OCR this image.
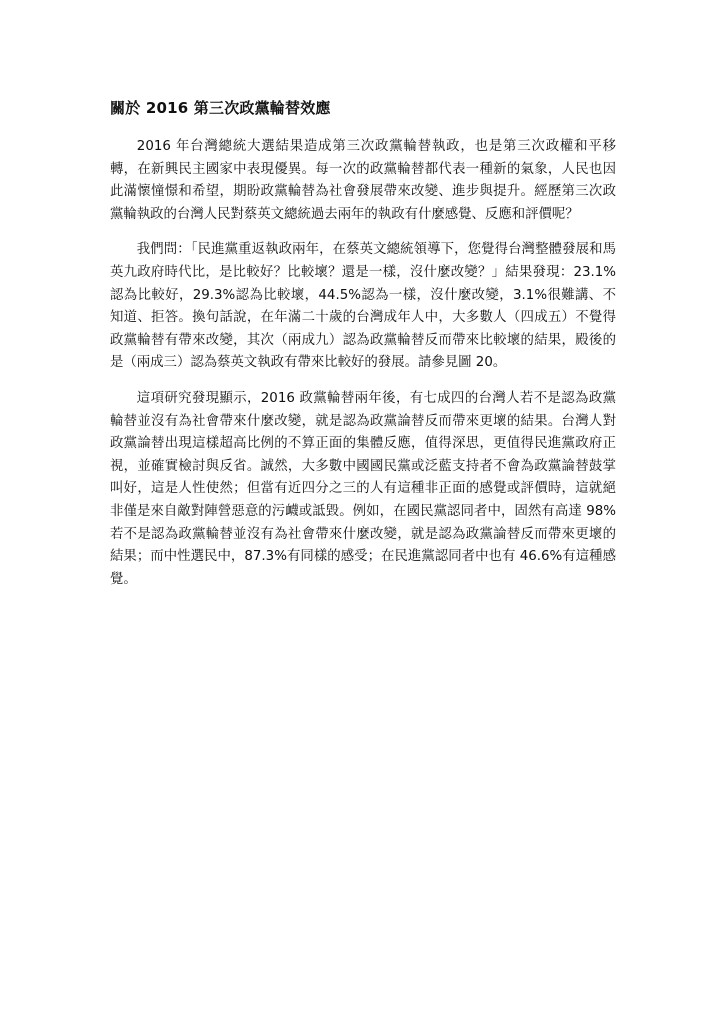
關於 2016 第三次政黨輪替效應

2016 年台灣總統大選結果造成第三次政黨輪替執政，也是第三次政權和平移轉，在新興民主國家中表現優異。每一次的政黨輪替都代表一種新的氣象，人民也因此滿懷憧憬和希望，期盼政黨輪替為社會發展帶來改變、進步與提升。經歷第三次政黨輪執政的台灣人民對蔡英文總統過去兩年的執政有什麼感覺、反應和評價呢？

我們問：「民進黨重返執政兩年，在蔡英文總統領導下，您覺得台灣整體發展和馬英九政府時代比，是比較好？比較壞？還是一樣，沒什麼改變？」結果發現：23.1%認為比較好，29.3%認為比較壞，44.5%認為一樣，沒什麼改變，3.1%很難講、不知道、拒答。換句話說，在年滿二十歲的台灣成年人中，大多數人（四成五）不覺得政黨輪替有帶來改變，其次（兩成九）認為政黨輪替反而帶來比較壞的結果，殿後的是（兩成三）認為蔡英文執政有帶來比較好的發展。請參見圖 20。

這項研究發現顯示，2016 政黨輪替兩年後，有七成四的台灣人若不是認為政黨輪替並沒有為社會帶來什麼改變，就是認為政黨論替反而帶來更壞的結果。台灣人對政黨論替出現這樣超高比例的不算正面的集體反應，值得深思，更值得民進黨政府正視，並確實檢討與反省。誠然，大多數中國國民黨或泛藍支持者不會為政黨論替鼓掌叫好，這是人性使然；但當有近四分之三的人有這種非正面的感覺或評價時，這就絕非僅是來自敵對陣營惡意的污衊或詆毀。例如，在國民黨認同者中，固然有高達 98%若不是認為政黨輪替並沒有為社會帶來什麼改變，就是認為政黨論替反而帶來更壞的結果；而中性選民中，87.3%有同樣的感受；在民進黨認同者中也有 46.6%有這種感覺。
